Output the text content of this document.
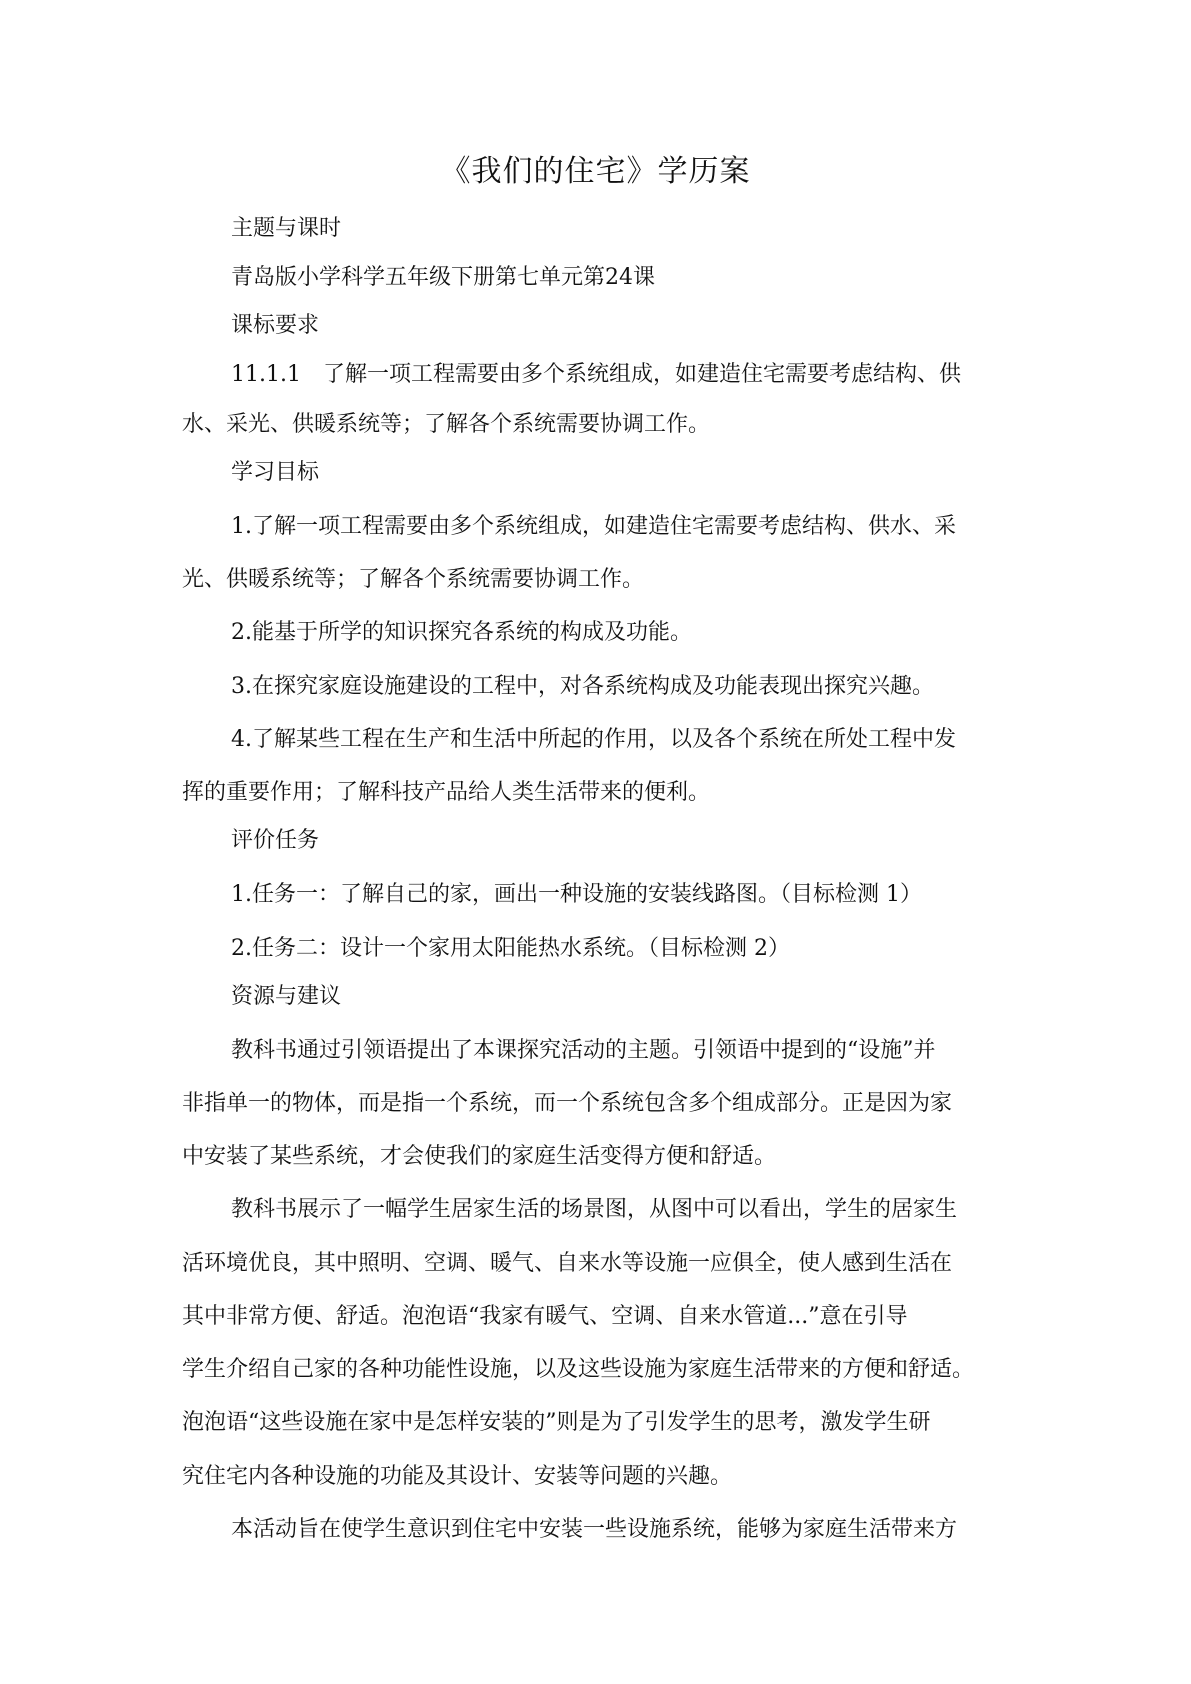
《我们的住宅》学历案
主题与课时
青岛版小学科学五年级下册第七单元第24课
课标要求
11.1.1　了解一项工程需要由多个系统组成，如建造住宅需要考虑结构、供
水、采光、供暖系统等；了解各个系统需要协调工作。
学习目标
1.了解一项工程需要由多个系统组成，如建造住宅需要考虑结构、供水、采
光、供暖系统等；了解各个系统需要协调工作。
2.能基于所学的知识探究各系统的构成及功能。
3.在探究家庭设施建设的工程中，对各系统构成及功能表现出探究兴趣。
4.了解某些工程在生产和生活中所起的作用，以及各个系统在所处工程中发
挥的重要作用；了解科技产品给人类生活带来的便利。
评价任务
1.任务一：了解自己的家，画出一种设施的安装线路图。（目标检测 1）
2.任务二：设计一个家用太阳能热水系统。（目标检测 2）
资源与建议
教科书通过引领语提出了本课探究活动的主题。引领语中提到的“设施”并
非指单一的物体，而是指一个系统，而一个系统包含多个组成部分。正是因为家
中安装了某些系统，才会使我们的家庭生活变得方便和舒适。
教科书展示了一幅学生居家生活的场景图，从图中可以看出，学生的居家生
活环境优良，其中照明、空调、暖气、自来水等设施一应俱全，使人感到生活在
其中非常方便、舒适。泡泡语“我家有暖气、空调、自来水管道...”意在引导
学生介绍自己家的各种功能性设施，以及这些设施为家庭生活带来的方便和舒适。
泡泡语“这些设施在家中是怎样安装的”则是为了引发学生的思考，激发学生研
究住宅内各种设施的功能及其设计、安装等问题的兴趣。
本活动旨在使学生意识到住宅中安装一些设施系统，能够为家庭生活带来方
